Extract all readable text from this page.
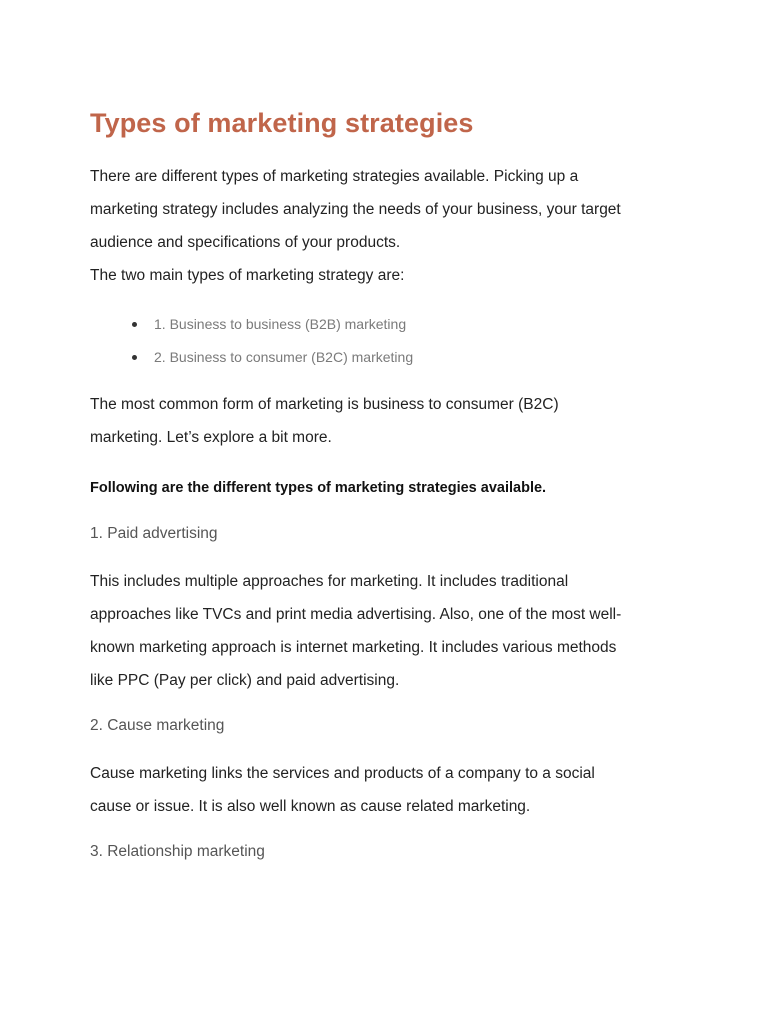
Types of marketing strategies

There are different types of marketing strategies available. Picking up a
marketing strategy includes analyzing the needs of your business, your target
audience and specifications of your products.

The two main types of marketing strategy are:

1. Business to business (B2B) marketing
2. Business to consumer (B2C) marketing

The most common form of marketing is business to consumer (B2C)
marketing. Let’s explore a bit more.

Following are the different types of marketing strategies available.

1. Paid advertising

This includes multiple approaches for marketing. It includes traditional
approaches like TVCs and print media advertising. Also, one of the most well-
known marketing approach is internet marketing. It includes various methods
like PPC (Pay per click) and paid advertising.

2. Cause marketing

Cause marketing links the services and products of a company to a social
cause or issue. It is also well known as cause related marketing.

3. Relationship marketing
